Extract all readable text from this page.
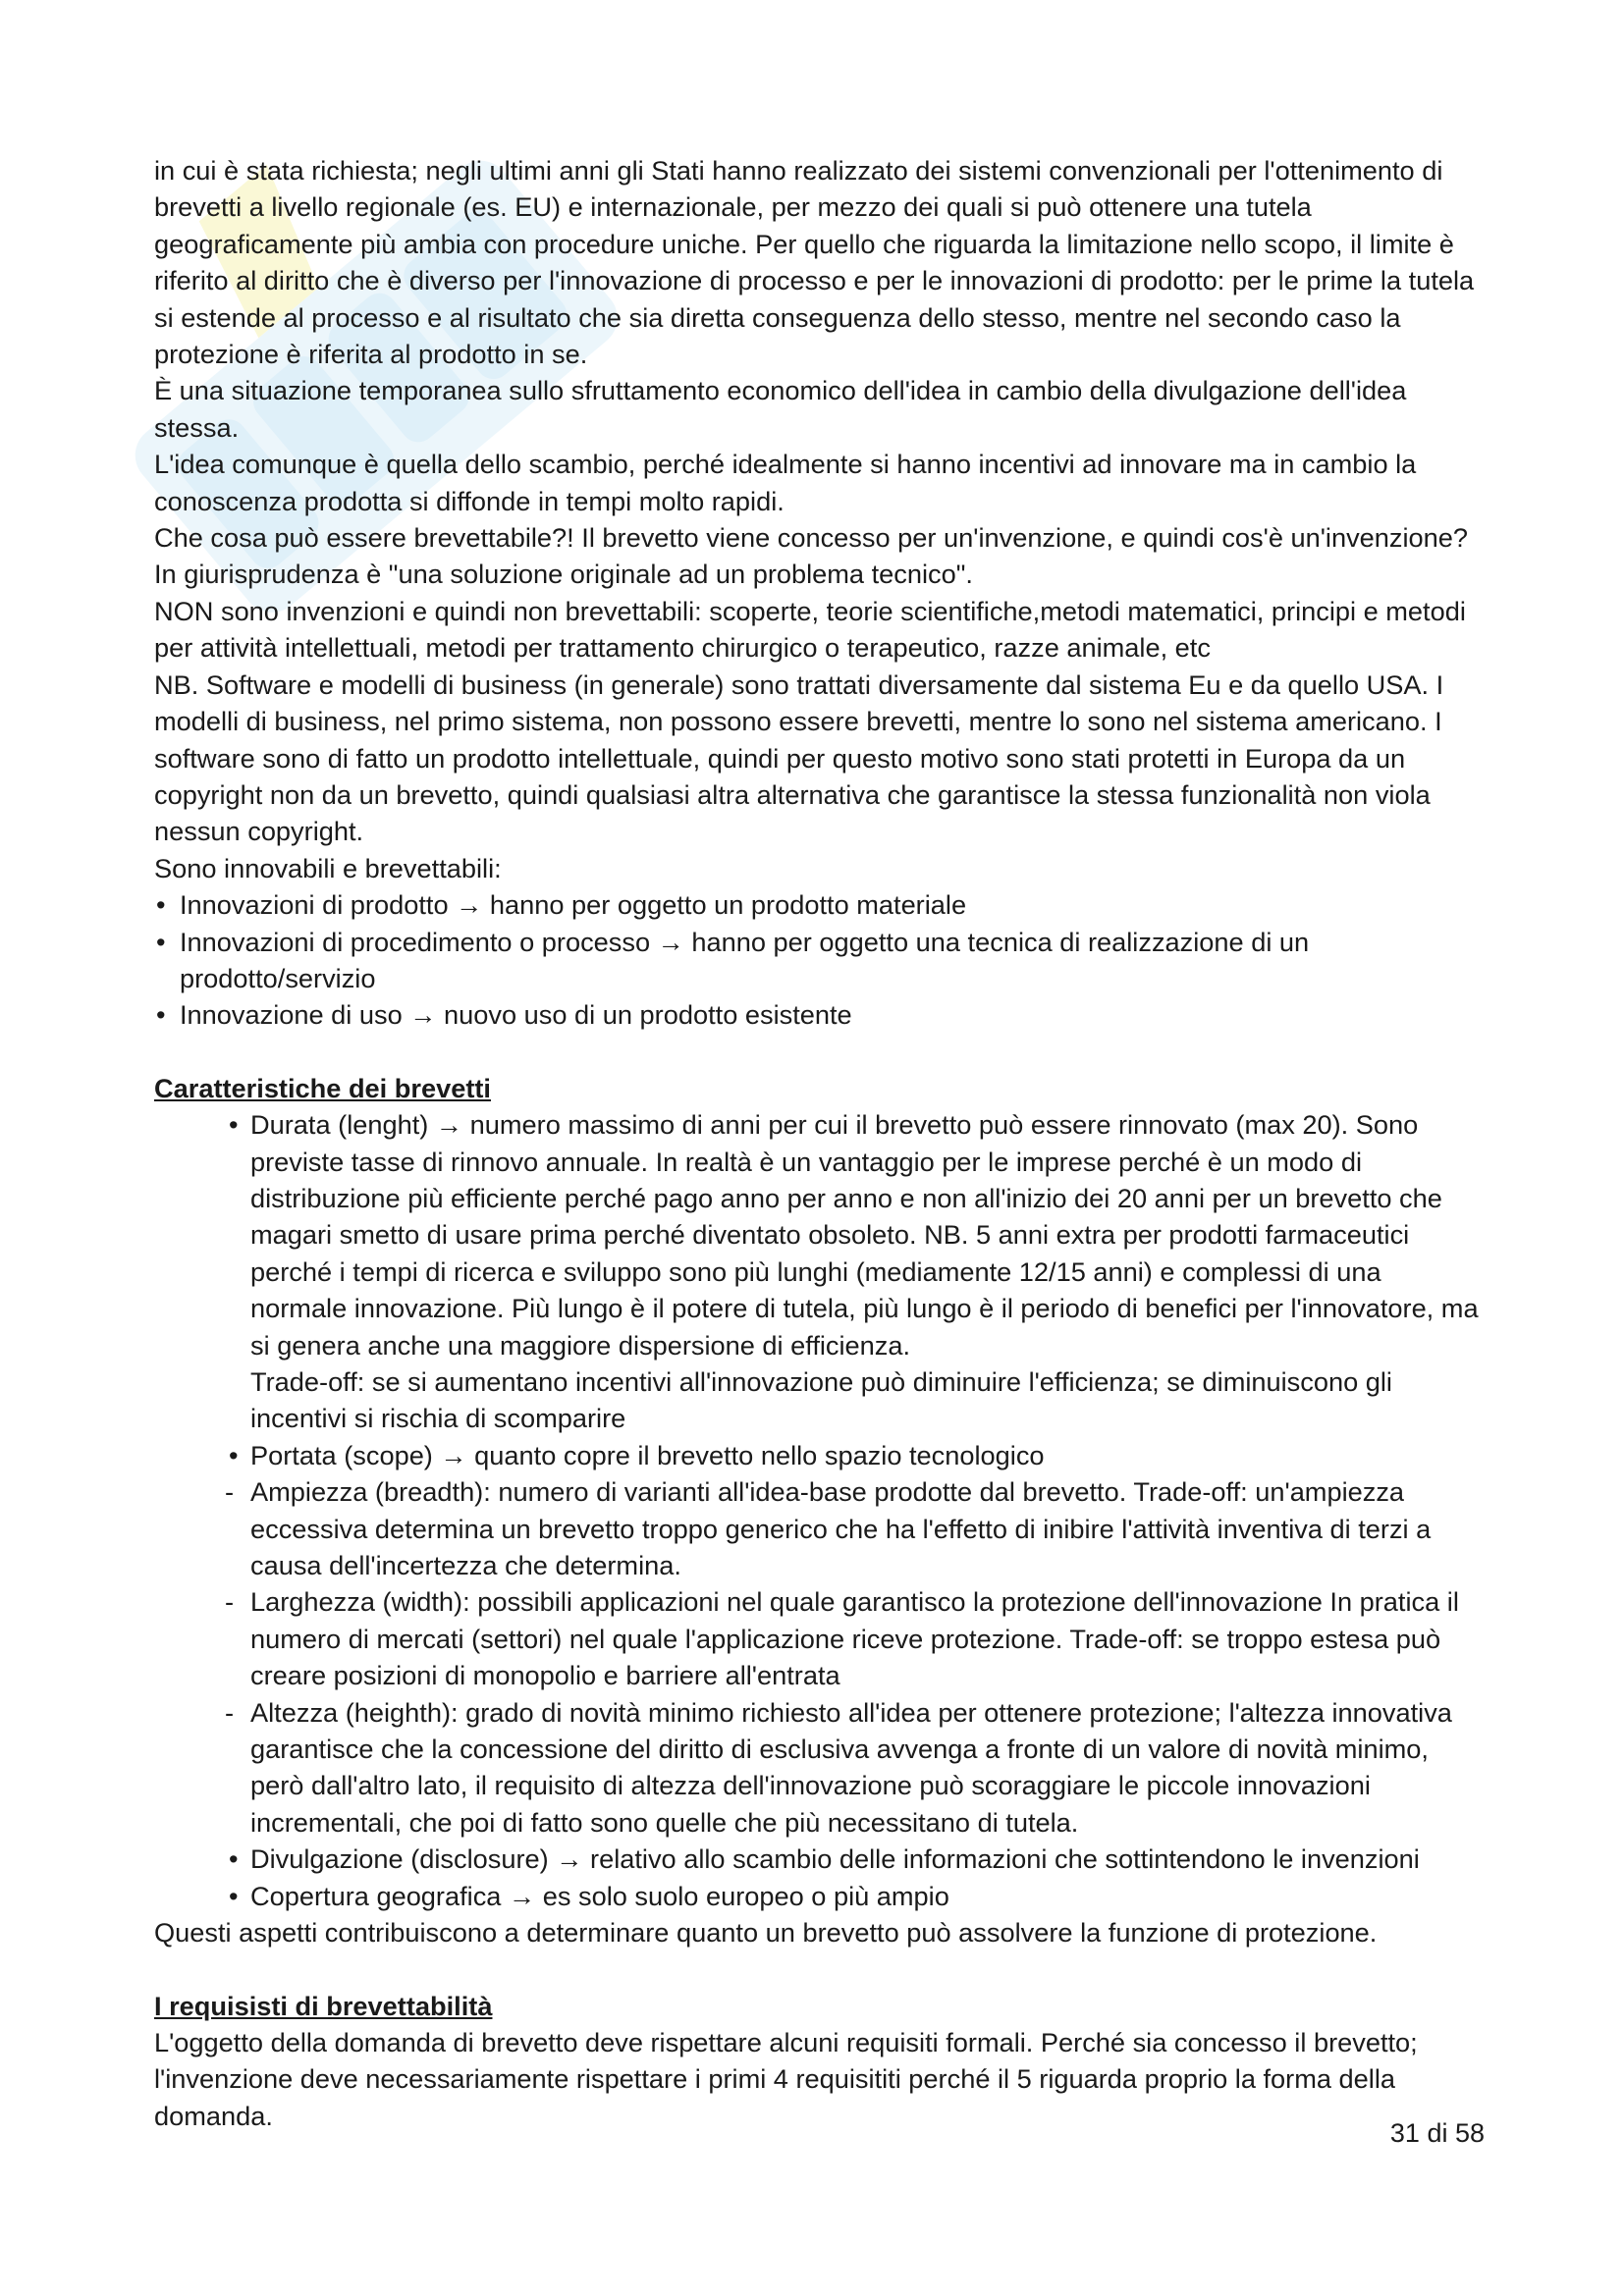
in cui è stata richiesta; negli ultimi anni gli Stati hanno realizzato dei sistemi convenzionali per l'ottenimento di brevetti a livello regionale (es. EU) e internazionale, per mezzo dei quali si può ottenere una tutela geograficamente più ambia con procedure uniche. Per quello che riguarda la limitazione nello scopo, il limite è riferito al diritto che è diverso per l'innovazione di processo e per le innovazioni di prodotto: per le prime la tutela si estende al processo e al risultato che sia diretta conseguenza dello stesso, mentre nel secondo caso la protezione è riferita al prodotto in se.

È una situazione temporanea sullo sfruttamento economico dell'idea in cambio della divulgazione dell'idea stessa.

L'idea comunque è quella dello scambio, perché idealmente si hanno incentivi ad innovare ma in cambio la conoscenza prodotta si diffonde in tempi molto rapidi.

Che cosa può essere brevettabile?! Il brevetto viene concesso per un'invenzione, e quindi cos'è un'invenzione? In giurisprudenza è "una soluzione originale ad un problema tecnico".

NON sono invenzioni e quindi non brevettabili: scoperte, teorie scientifiche,metodi matematici, principi e metodi per attività intellettuali, metodi per trattamento chirurgico o terapeutico, razze animale, etc

NB. Software e modelli di business (in generale) sono trattati diversamente dal sistema Eu e da quello USA. I modelli di business, nel primo sistema, non possono essere brevetti, mentre lo sono nel sistema americano. I software sono di fatto un prodotto intellettuale, quindi per questo motivo sono stati protetti in Europa da un copyright non da un brevetto, quindi qualsiasi altra alternativa che garantisce la stessa funzionalità non viola nessun copyright.

Sono innovabili e brevettabili:

• Innovazioni di prodotto → hanno per oggetto un prodotto materiale
• Innovazioni di procedimento o processo → hanno per oggetto una tecnica di realizzazione di un prodotto/servizio
• Innovazione di uso → nuovo uso di un prodotto esistente

Caratteristiche dei brevetti

• Durata (lenght) → numero massimo di anni per cui il brevetto può essere rinnovato (max 20). Sono previste tasse di rinnovo annuale. In realtà è un vantaggio per le imprese perché è un modo di distribuzione più efficiente perché pago anno per anno e non all'inizio dei 20 anni per un brevetto che magari smetto di usare prima perché diventato obsoleto. NB. 5 anni extra per prodotti farmaceutici perché i tempi di ricerca e sviluppo sono più lunghi (mediamente 12/15 anni) e complessi di una normale innovazione. Più lungo è il potere di tutela, più lungo è il periodo di benefici per l'innovatore, ma si genera anche una maggiore dispersione di efficienza.

Trade-off: se si aumentano incentivi all'innovazione può diminuire l'efficienza; se diminuiscono gli incentivi si rischia di scomparire

• Portata (scope) → quanto copre il brevetto nello spazio tecnologico
- Ampiezza (breadth): numero di varianti all'idea-base prodotte dal brevetto. Trade-off: un'ampiezza eccessiva determina un brevetto troppo generico che ha l'effetto di inibire l'attività inventiva di terzi a causa dell'incertezza che determina.
- Larghezza (width): possibili applicazioni nel quale garantisco la protezione dell'innovazione In pratica il numero di mercati (settori) nel quale l'applicazione riceve protezione. Trade-off: se troppo estesa può creare posizioni di monopolio e barriere all'entrata
- Altezza (heighth): grado di novità minimo richiesto all'idea per ottenere protezione; l'altezza innovativa garantisce che la concessione del diritto di esclusiva avvenga a fronte di un valore di novità minimo, però dall'altro lato, il requisito di altezza dell'innovazione può scoraggiare le piccole innovazioni incrementali, che poi di fatto sono quelle che più necessitano di tutela.
• Divulgazione (disclosure) → relativo allo scambio delle informazioni che sottintendono le invenzioni
• Copertura geografica → es solo suolo europeo o più ampio

Questi aspetti contribuiscono a determinare quanto un brevetto può assolvere la funzione di protezione.

I requisisti di brevettabilità

L'oggetto della domanda di brevetto deve rispettare alcuni requisiti formali. Perché sia concesso il brevetto; l'invenzione deve necessariamente rispettare i primi 4 requisititi perché il 5 riguarda proprio la forma della domanda.

31 di 58
